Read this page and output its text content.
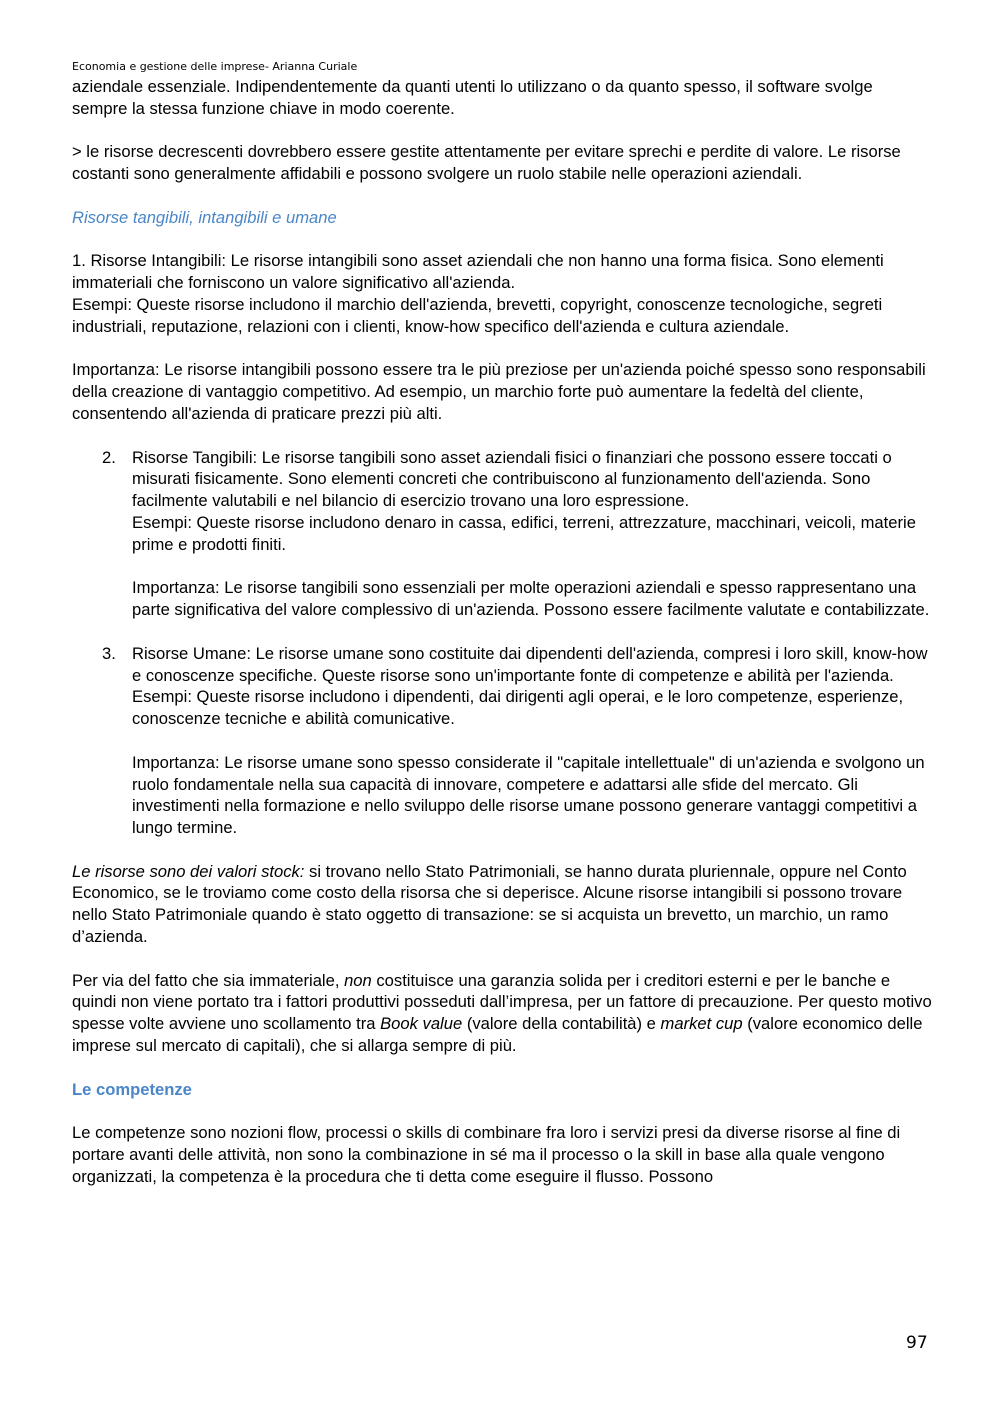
Economia e gestione delle imprese- Arianna Curiale

aziendale essenziale. Indipendentemente da quanti utenti lo utilizzano o da quanto spesso, il software svolge sempre la stessa funzione chiave in modo coerente.

> le risorse decrescenti dovrebbero essere gestite attentamente per evitare sprechi e perdite di valore. Le risorse costanti sono generalmente affidabili e possono svolgere un ruolo stabile nelle operazioni aziendali.

Risorse tangibili, intangibili e umane

1. Risorse Intangibili: Le risorse intangibili sono asset aziendali che non hanno una forma fisica. Sono elementi immateriali che forniscono un valore significativo all'azienda.

Esempi: Queste risorse includono il marchio dell'azienda, brevetti, copyright, conoscenze tecnologiche, segreti industriali, reputazione, relazioni con i clienti, know-how specifico dell'azienda e cultura aziendale.

Importanza: Le risorse intangibili possono essere tra le più preziose per un'azienda poiché spesso sono responsabili della creazione di vantaggio competitivo. Ad esempio, un marchio forte può aumentare la fedeltà del cliente, consentendo all'azienda di praticare prezzi più alti.

2. Risorse Tangibili: Le risorse tangibili sono asset aziendali fisici o finanziari che possono essere toccati o misurati fisicamente. Sono elementi concreti che contribuiscono al funzionamento dell'azienda. Sono facilmente valutabili e nel bilancio di esercizio trovano una loro espressione.

Esempi: Queste risorse includono denaro in cassa, edifici, terreni, attrezzature, macchinari, veicoli, materie prime e prodotti finiti.

Importanza: Le risorse tangibili sono essenziali per molte operazioni aziendali e spesso rappresentano una parte significativa del valore complessivo di un'azienda. Possono essere facilmente valutate e contabilizzate.

3. Risorse Umane: Le risorse umane sono costituite dai dipendenti dell'azienda, compresi i loro skill, know-how e conoscenze specifiche. Queste risorse sono un'importante fonte di competenze e abilità per l'azienda.

Esempi: Queste risorse includono i dipendenti, dai dirigenti agli operai, e le loro competenze, esperienze, conoscenze tecniche e abilità comunicative.

Importanza: Le risorse umane sono spesso considerate il "capitale intellettuale" di un'azienda e svolgono un ruolo fondamentale nella sua capacità di innovare, competere e adattarsi alle sfide del mercato. Gli investimenti nella formazione e nello sviluppo delle risorse umane possono generare vantaggi competitivi a lungo termine.

Le risorse sono dei valori stock: si trovano nello Stato Patrimoniali, se hanno durata pluriennale, oppure nel Conto Economico, se le troviamo come costo della risorsa che si deperisce. Alcune risorse intangibili si possono trovare nello Stato Patrimoniale quando è stato oggetto di transazione: se si acquista un brevetto, un marchio, un ramo d’azienda.

Per via del fatto che sia immateriale, non costituisce una garanzia solida per i creditori esterni e per le banche e quindi non viene portato tra i fattori produttivi posseduti dall’impresa, per un fattore di precauzione. Per questo motivo spesse volte avviene uno scollamento tra Book value (valore della contabilità) e market cup (valore economico delle imprese sul mercato di capitali), che si allarga sempre di più.

Le competenze

Le competenze sono nozioni flow, processi o skills di combinare fra loro i servizi presi da diverse risorse al fine di portare avanti delle attività, non sono la combinazione in sé ma il processo o la skill in base alla quale vengono organizzati, la competenza è la procedura che ti detta come eseguire il flusso. Possono

97
